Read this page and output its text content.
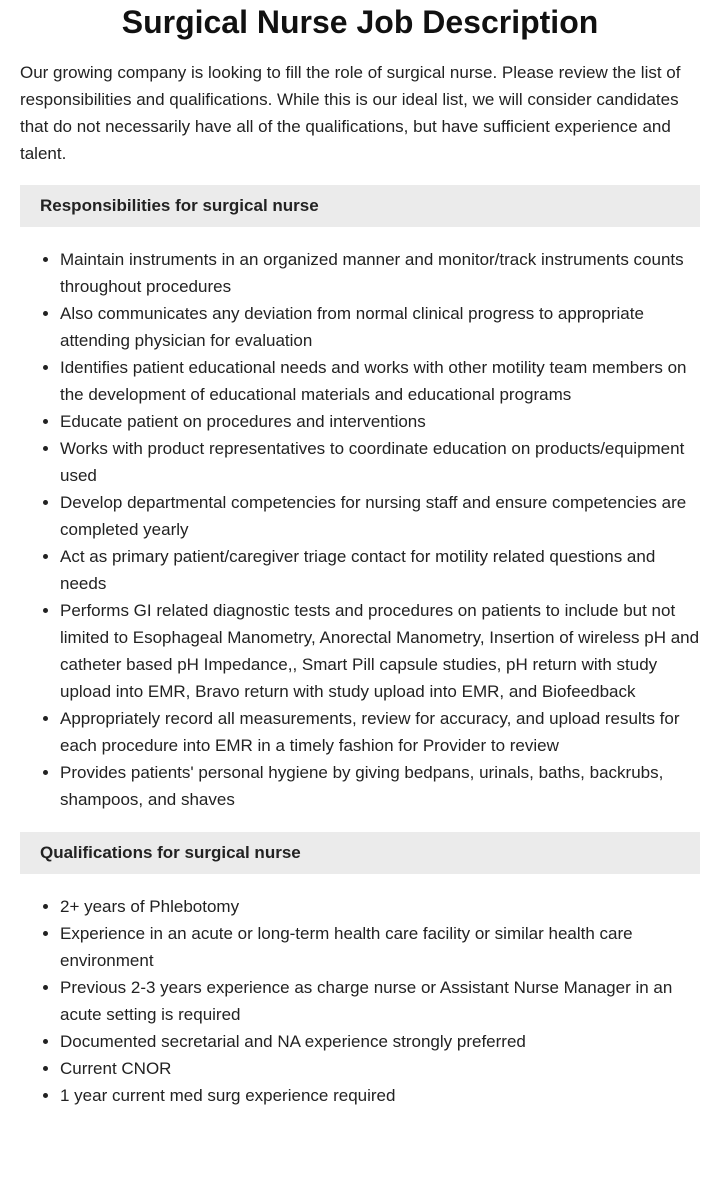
Surgical Nurse Job Description

Our growing company is looking to fill the role of surgical nurse. Please review the list of responsibilities and qualifications. While this is our ideal list, we will consider candidates that do not necessarily have all of the qualifications, but have sufficient experience and talent.

Responsibilities for surgical nurse
• Maintain instruments in an organized manner and monitor/track instruments counts throughout procedures
• Also communicates any deviation from normal clinical progress to appropriate attending physician for evaluation
• Identifies patient educational needs and works with other motility team members on the development of educational materials and educational programs
• Educate patient on procedures and interventions
• Works with product representatives to coordinate education on products/equipment used
• Develop departmental competencies for nursing staff and ensure competencies are completed yearly
• Act as primary patient/caregiver triage contact for motility related questions and needs
• Performs GI related diagnostic tests and procedures on patients to include but not limited to Esophageal Manometry, Anorectal Manometry, Insertion of wireless pH and catheter based pH Impedance,, Smart Pill capsule studies, pH return with study upload into EMR, Bravo return with study upload into EMR, and Biofeedback
• Appropriately record all measurements, review for accuracy, and upload results for each procedure into EMR in a timely fashion for Provider to review
• Provides patients' personal hygiene by giving bedpans, urinals, baths, backrubs, shampoos, and shaves
Qualifications for surgical nurse
• 2+ years of Phlebotomy
• Experience in an acute or long-term health care facility or similar health care environment
• Previous 2-3 years experience as charge nurse or Assistant Nurse Manager in an acute setting is required
• Documented secretarial and NA experience strongly preferred
• Current CNOR
• 1 year current med surg experience required
